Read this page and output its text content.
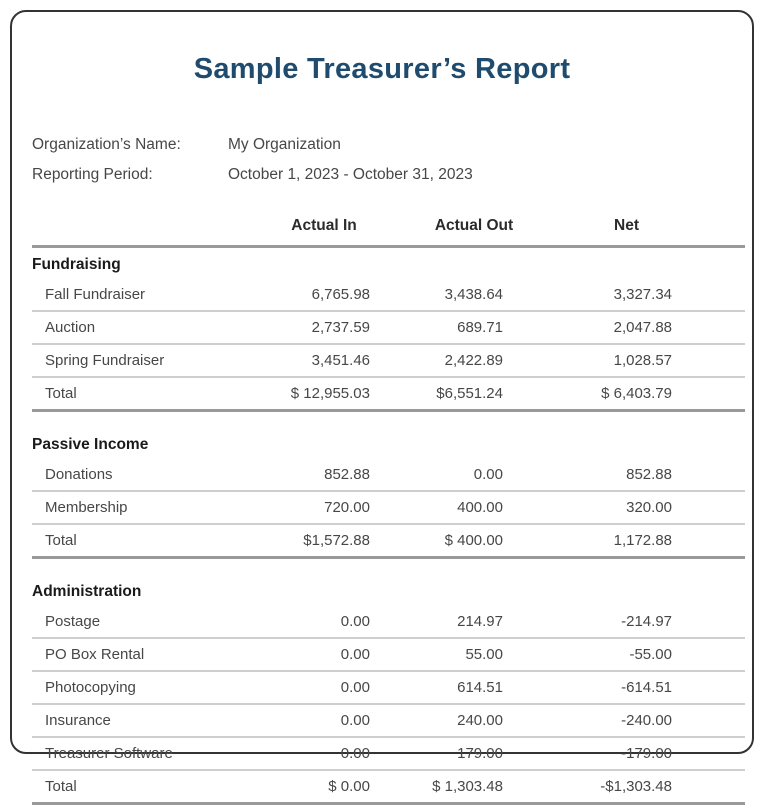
Sample Treasurer’s Report
Organization’s Name:	My Organization
Reporting Period:	October 1, 2023 - October 31, 2023
	Actual In	Actual Out	Net
Fundraising			
Fall Fundraiser	6,765.98	3,438.64	3,327.34
Auction	2,737.59	689.71	2,047.88
Spring Fundraiser	3,451.46	2,422.89	1,028.57
Total	$ 12,955.03	$6,551.24	$ 6,403.79
Passive Income			
Donations	852.88	0.00	852.88
Membership	720.00	400.00	320.00
Total	$1,572.88	$ 400.00	1,172.88
Administration			
Postage	0.00	214.97	-214.97
PO Box Rental	0.00	55.00	-55.00
Photocopying	0.00	614.51	-614.51
Insurance	0.00	240.00	-240.00
Treasurer Software	0.00	179.00	-179.00
Total	$ 0.00	$ 1,303.48	-$1,303.48
